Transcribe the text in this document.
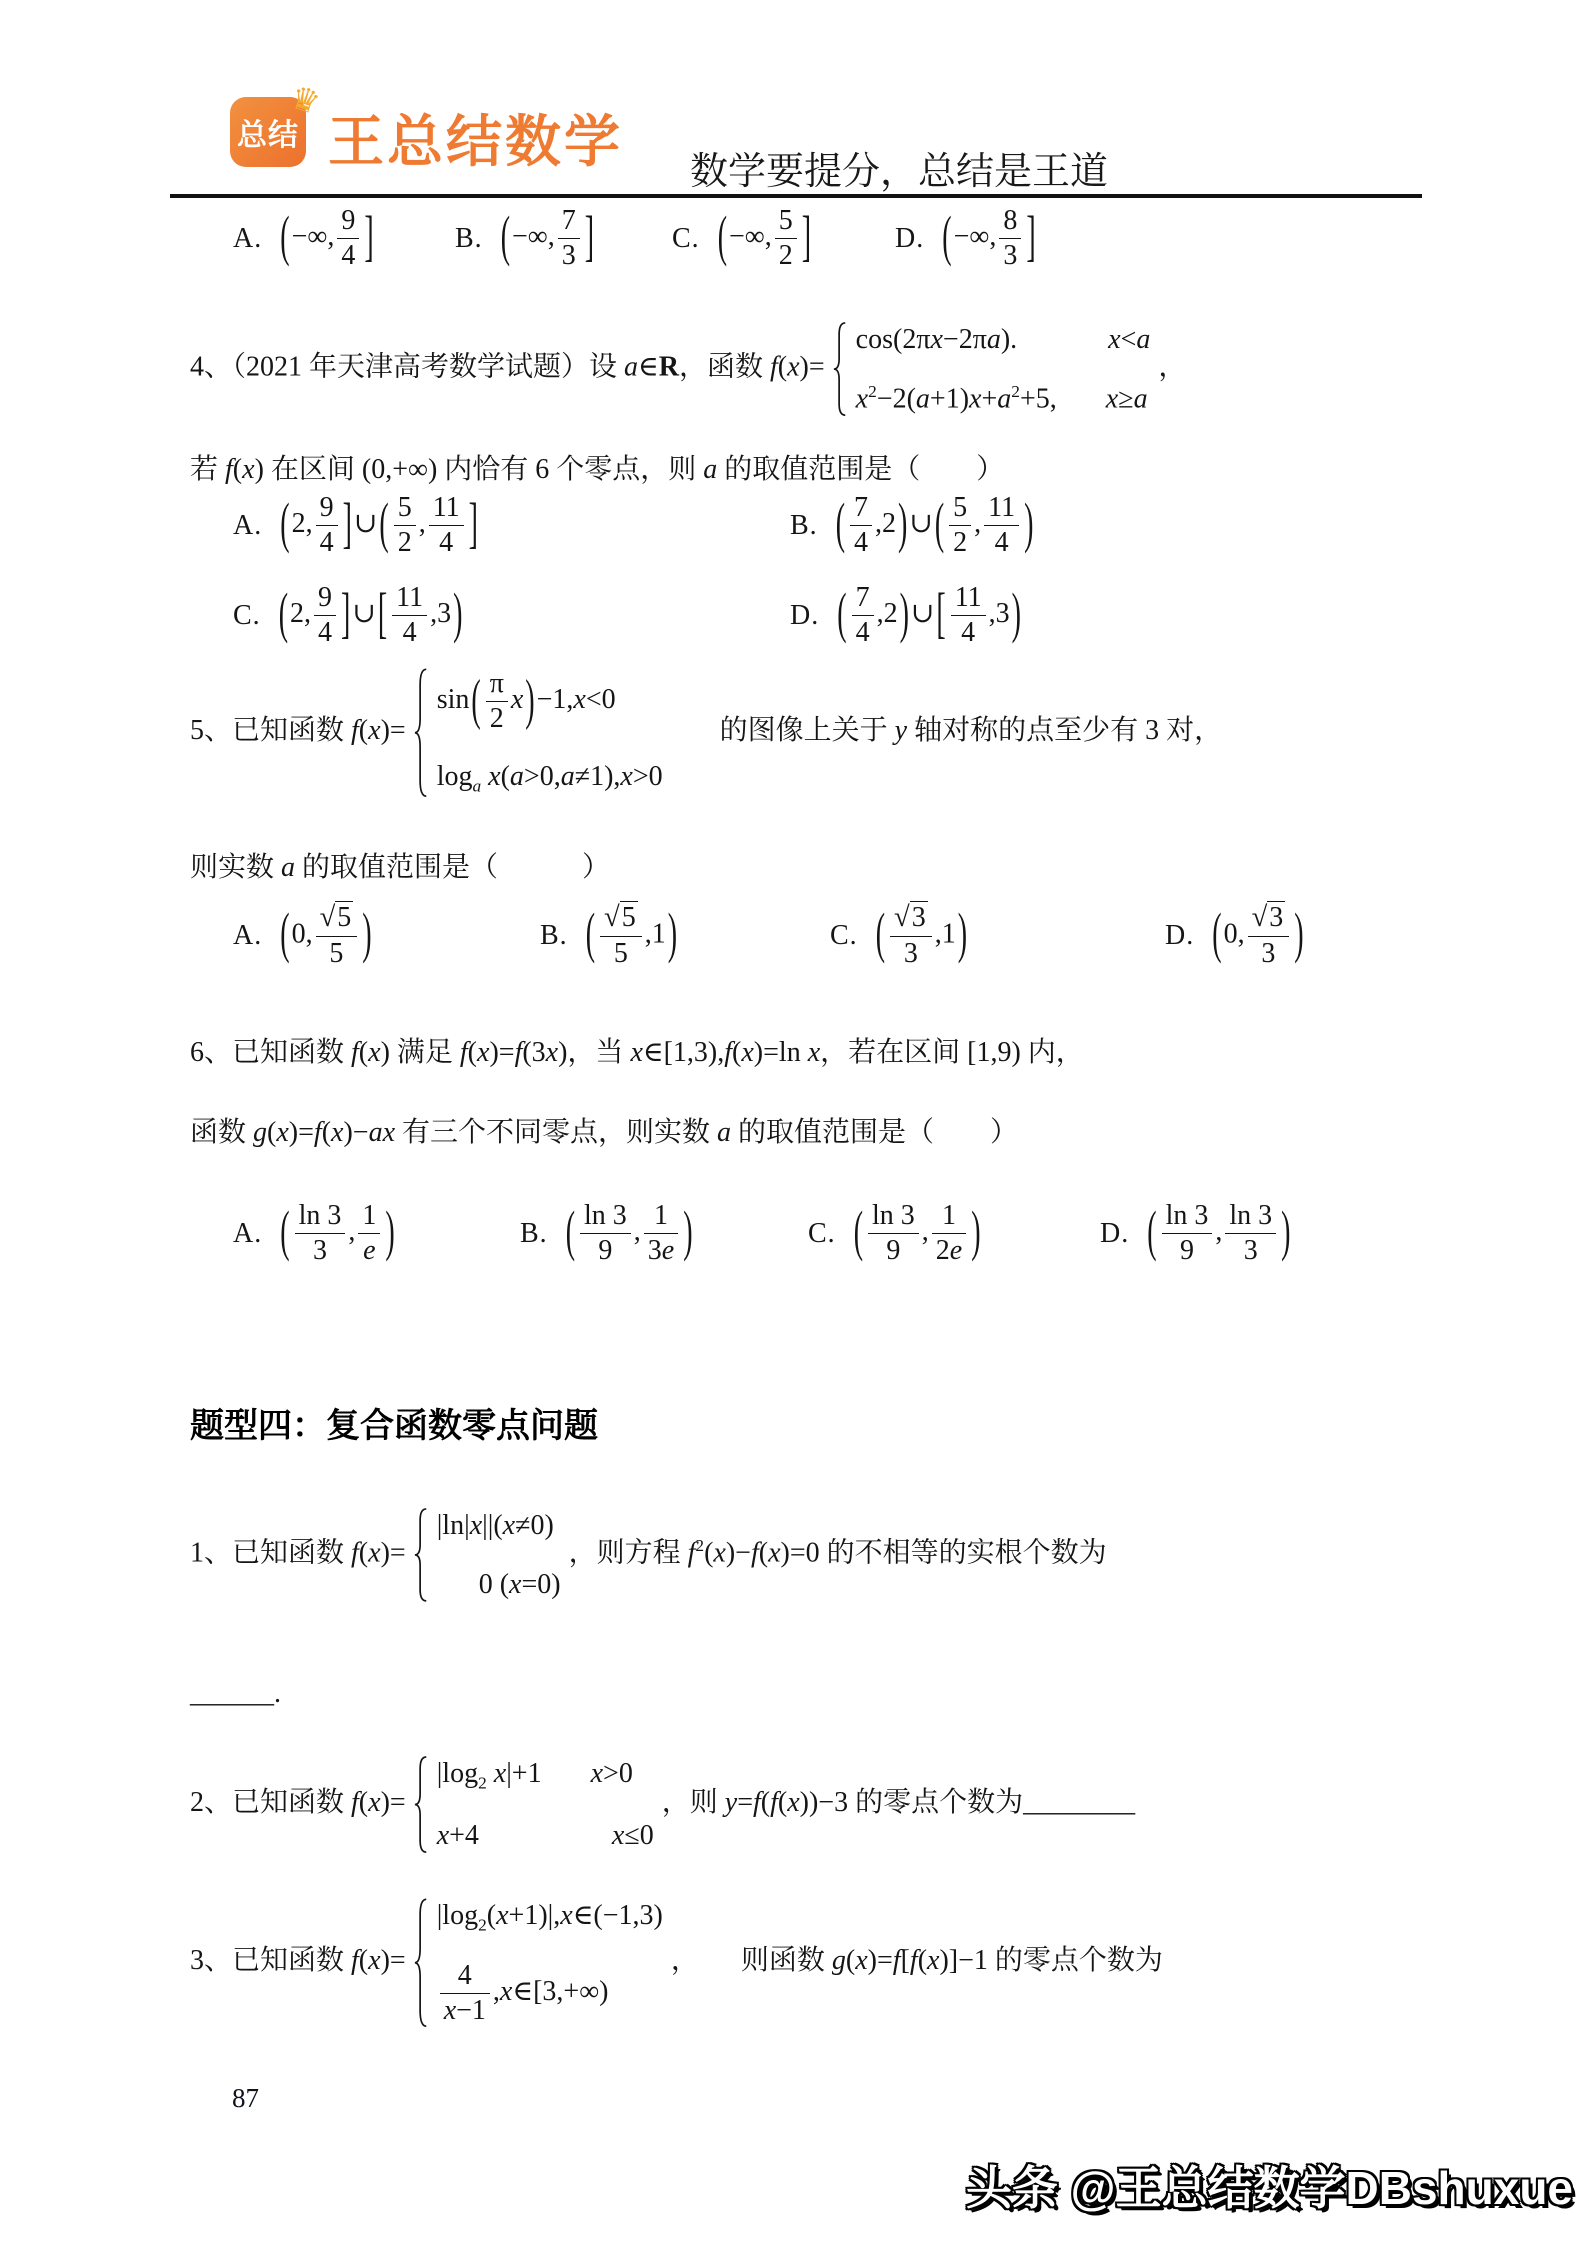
总结
♛
王总结数学 数学要提分，总结是王道
A. (−∞, $\frac{9}{4}$ ]	B. (−∞, $\frac{7}{3}$ ]	C. (−∞, $\frac{5}{2}$ ]	D. (−∞, $\frac{8}{3}$ ]
4、（2021 年天津高考数学试题）设 a∈R，函数 f(x)=
cos(2πx−2πa).	x<a
$x^2-2(a+1)x+a^2+5$, x≥a
，
若 f(x) 在区间 (0,+∞) 内恰有 6 个零点，则 a 的取值范围是（　　）
A. (2, $\frac{9}{4}$ ]∪( $\frac{5}{2}$ , $\frac{11}{4}$ ]	B. ( $\frac{7}{4}$ ,2)∪( $\frac{5}{2}$ , $\frac{11}{4}$ )
C. (2, $\frac{9}{4}$ ]∪[ $\frac{11}{4} ,3$)	D. ( $\frac{7}{4}$ ,2)∪[ $\frac{11}{4} ,3$)
5、已知函数 f(x)=
$\sin( \frac{\pi}{2} x)-1,x<0$
$\log_a x(a>0,a\ne 1),x>0$
的图像上关于 y 轴对称的点至少有 3 对，
则实数 a 的取值范围是（　　　）
A. (0, $\frac{√5}{5}$ )	B. ( $\frac{√5}{5} ,1$)	C. ( $\frac{√3}{3} ,1$)	D. (0, $\frac{√3}{3}$ )
6、已知函数 f(x) 满足 f(x)=f(3x)，当 x∈[1,3),f(x)=ln x，若在区间 [1,9) 内，
函数 g(x)=f(x)−ax 有三个不同零点，则实数 a 的取值范围是（　　）
A. ( $\frac{\ln 3}{3}$ , $\frac{1}{e}$ )	B. ( $\frac{\ln 3}{9}$ , $\frac{1}{3e}$ )	C. ( $\frac{\ln 3}{9}$ , $\frac{1}{2e}$ )	D. ( $\frac{\ln 3}{9}$ , $\frac{\ln 3}{3}$ )
题型四：复合函数零点问题
1、已知函数 f(x)=
|ln|x||(x≠0)
0 (x=0)
，则方程 $f^2(x)-f(x)=0$ 的不相等的实根个数为
______.
2、已知函数 f(x)=
$|\log_2$ x|+1 x>0
x+4	x≤0
，则 y=f(f(x))−3 的零点个数为________
3、已知函数 f(x)=
$|\log_2(x+1)|,x\in(-1,3)$
$\frac{4}{x-1}$ ,x∈[3,+∞)
， 则函数 g(x)=f[f(x)]−1 的零点个数为
87
头条 @王总结数学DBshuxue
